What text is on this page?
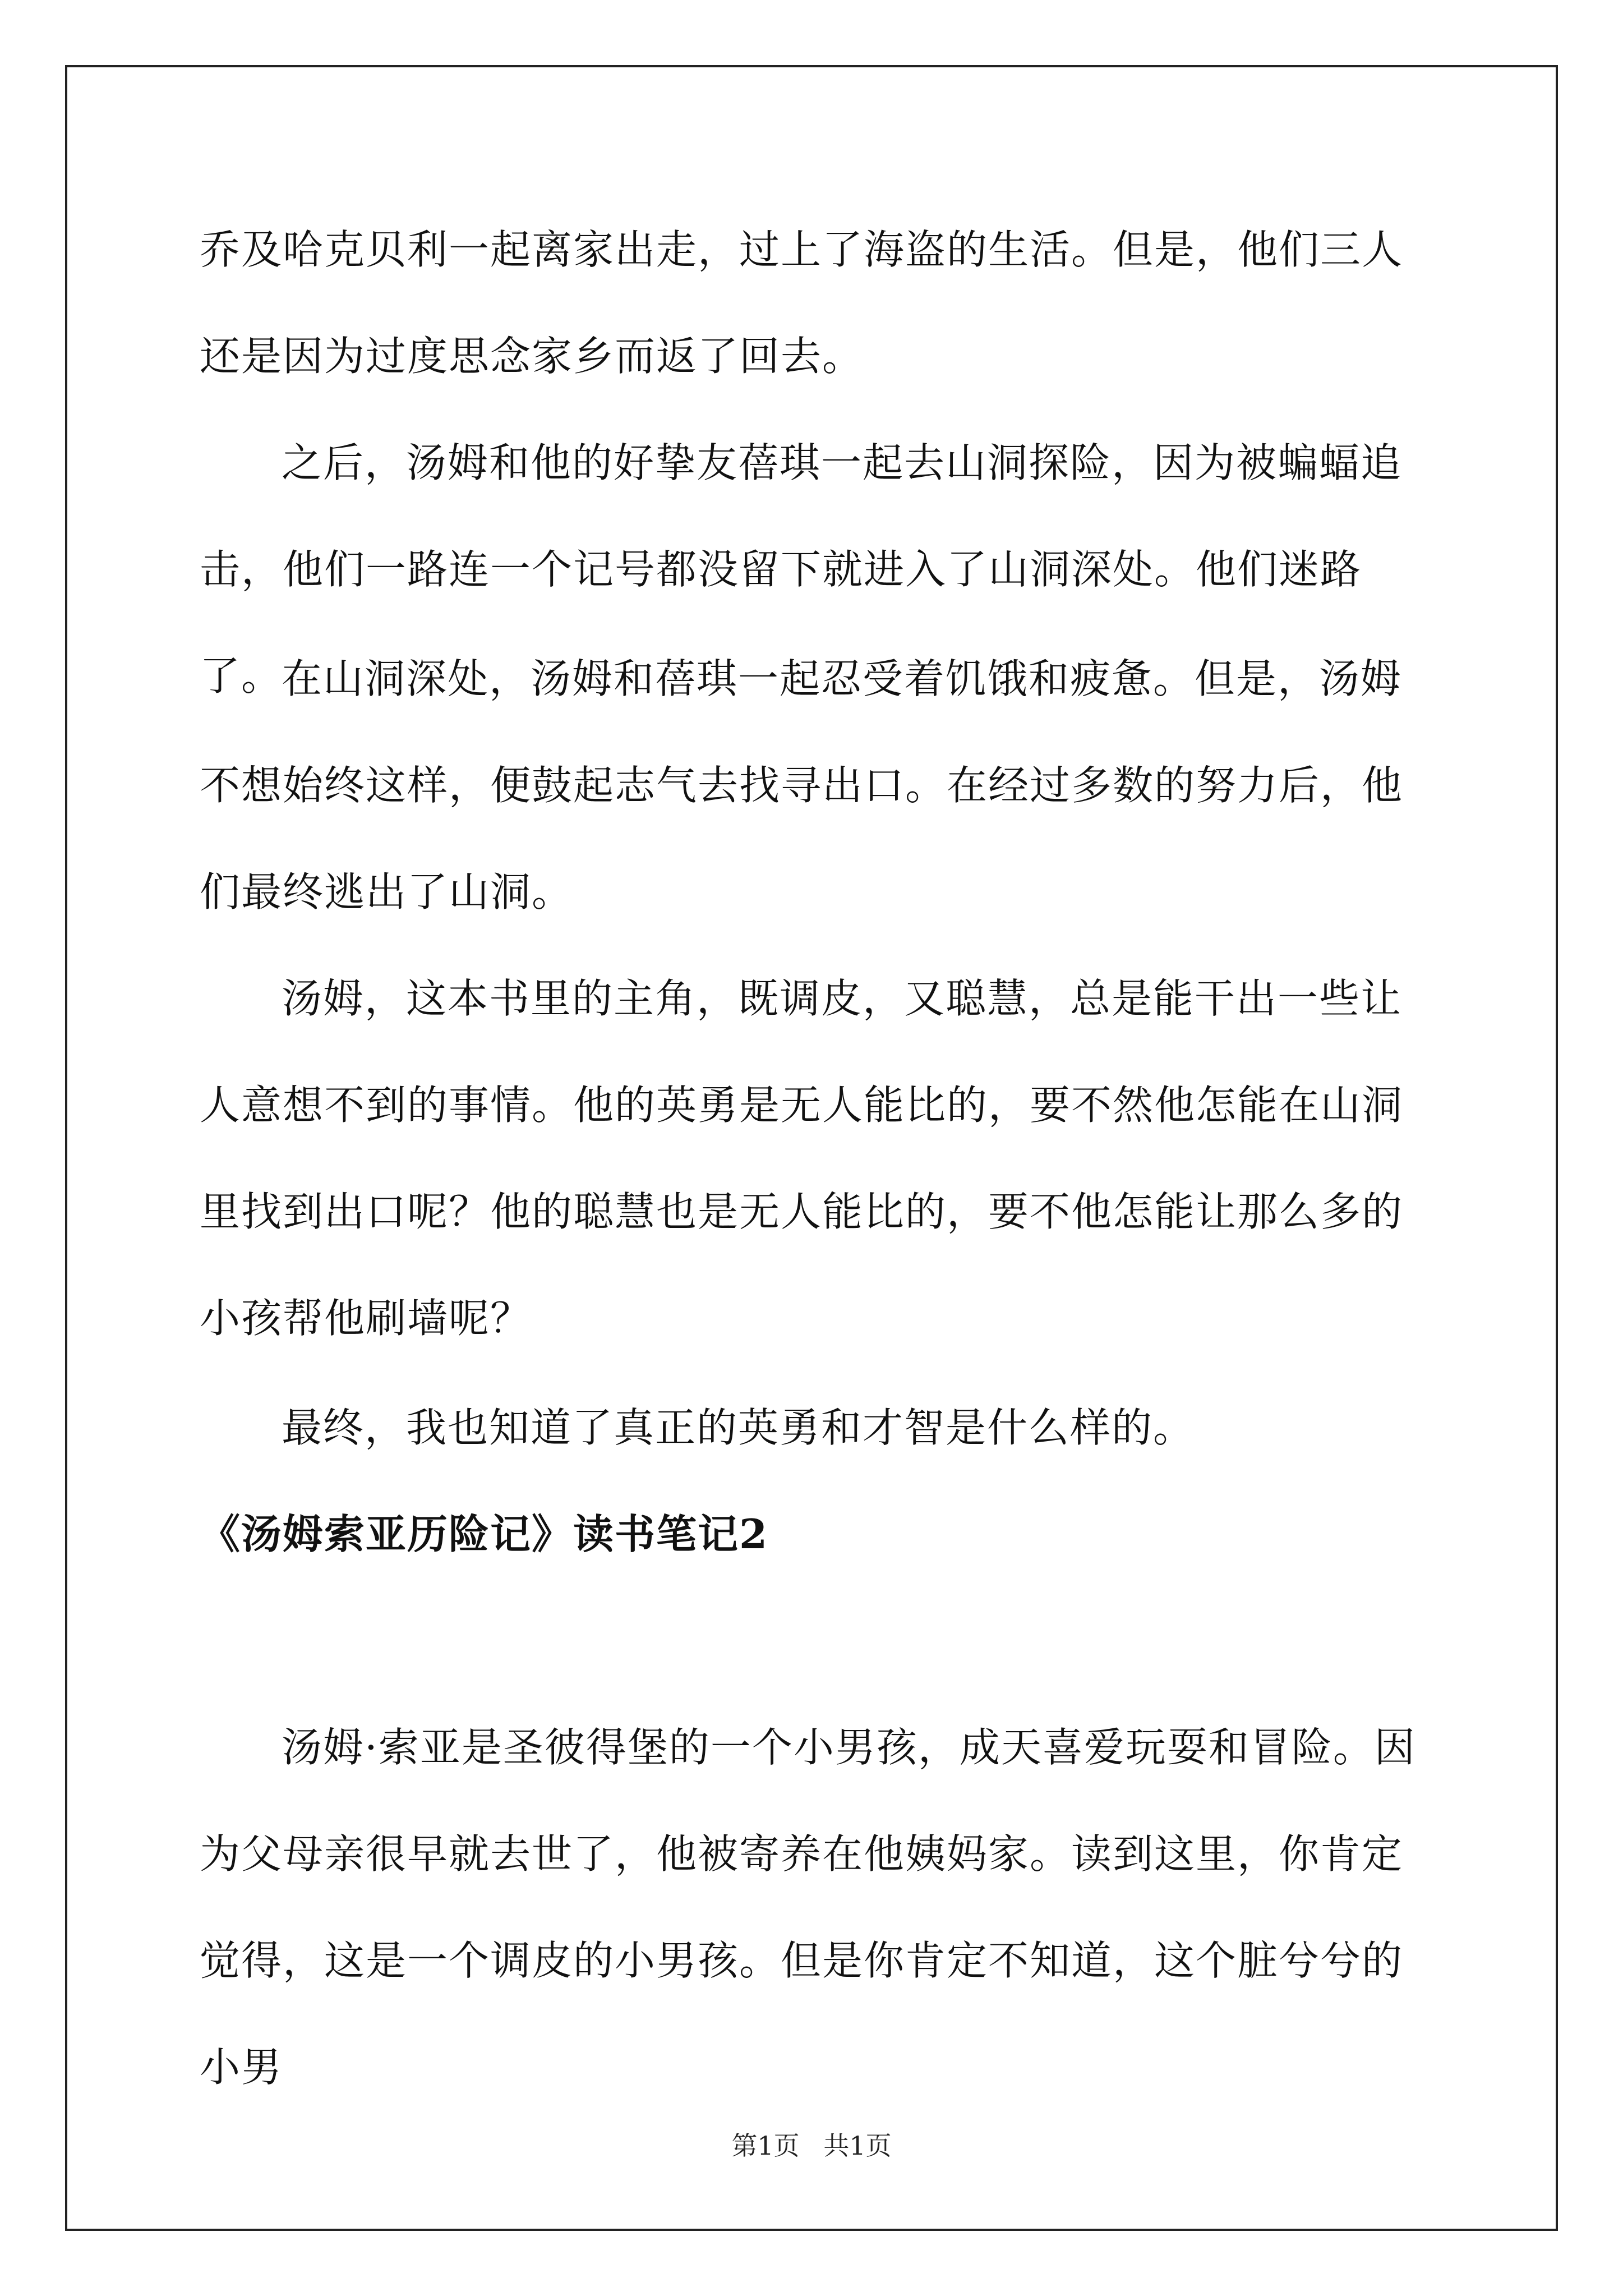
乔及哈克贝利一起离家出走，过上了海盗的生活。但是，他们三人还是因为过度思念家乡而返了回去。

之后，汤姆和他的好挚友蓓琪一起去山洞探险，因为被蝙蝠追击，他们一路连一个记号都没留下就进入了山洞深处。他们迷路了。

在山洞深处，汤姆和蓓琪一起忍受着饥饿和疲惫。但是，汤姆不想始终这样，便鼓起志气去找寻出口。在经过多数的努力后，他们最终逃出了山洞。

汤姆，这本书里的主角，既调皮，又聪慧，总是能干出一些让人意想不到的事情。他的英勇是无人能比的，要不然他怎能在山洞里找到出口呢？他的聪慧也是无人能比的，要不他怎能让那么多的小孩帮他刷墙呢？

最终，我也知道了真正的英勇和才智是什么样的。

《汤姆索亚历险记》读书笔记2

汤姆·索亚是圣彼得堡的一个小男孩，成天喜爱玩耍和冒险。因为父母亲很早就去世了，他被寄养在他姨妈家。读到这里，你肯定觉得，这是一个调皮的小男孩。但是你肯定不知道，这个脏兮兮的小男

第1页 共1页
